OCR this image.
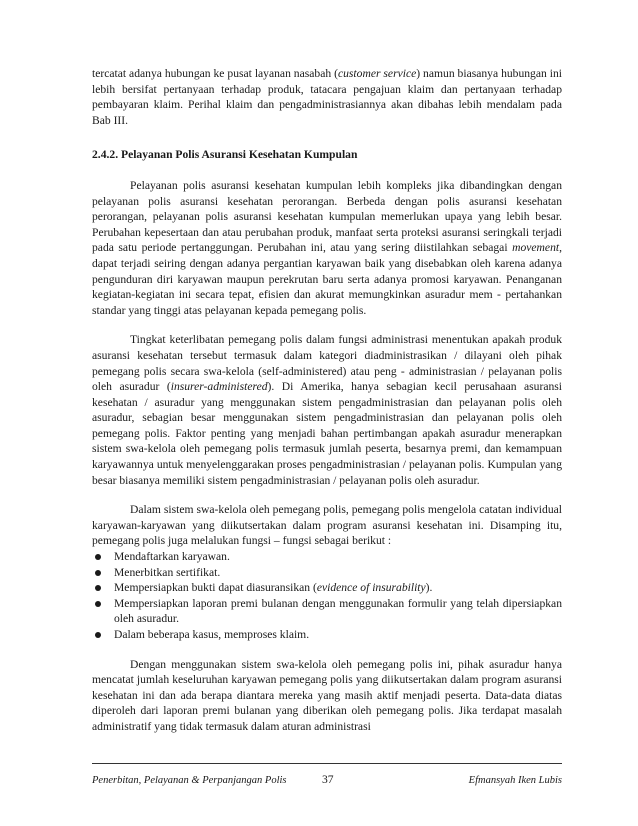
tercatat adanya hubungan ke pusat layanan nasabah (customer service) namun biasanya hubungan ini lebih bersifat pertanyaan terhadap produk, tatacara pengajuan klaim dan pertanyaan terhadap pembayaran klaim. Perihal klaim dan pengadministrasiannya akan dibahas lebih mendalam pada Bab III.

2.4.2. Pelayanan Polis Asuransi Kesehatan Kumpulan

Pelayanan polis asuransi kesehatan kumpulan lebih kompleks jika dibandingkan dengan pelayanan polis asuransi kesehatan perorangan. Berbeda dengan polis asuransi kesehatan perorangan, pelayanan polis asuransi kesehatan kumpulan memerlukan upaya yang lebih besar. Perubahan kepesertaan dan atau perubahan produk, manfaat serta proteksi asuransi seringkali terjadi pada satu periode pertanggungan. Perubahan ini, atau yang sering diistilahkan sebagai movement, dapat terjadi seiring dengan adanya pergantian karyawan baik yang disebabkan oleh karena adanya pengunduran diri karyawan maupun perekrutan baru serta adanya promosi karyawan. Penanganan kegiatan-kegiatan ini secara tepat, efisien dan akurat memungkinkan asuradur mem - pertahankan standar yang tinggi atas pelayanan kepada pemegang polis.

Tingkat keterlibatan pemegang polis dalam fungsi administrasi menentukan apakah produk asuransi kesehatan tersebut termasuk dalam kategori diadministrasikan / dilayani oleh pihak pemegang polis secara swa-kelola (self-administered) atau peng - administrasian / pelayanan polis oleh asuradur (insurer-administered). Di Amerika, hanya sebagian kecil perusahaan asuransi kesehatan / asuradur yang menggunakan sistem pengadministrasian dan pelayanan polis oleh asuradur, sebagian besar menggunakan sistem pengadministrasian dan pelayanan polis oleh pemegang polis. Faktor penting yang menjadi bahan pertimbangan apakah asuradur menerapkan sistem swa-kelola oleh pemegang polis termasuk jumlah peserta, besarnya premi, dan kemampuan karyawannya untuk menyelenggarakan proses pengadministrasian / pelayanan polis. Kumpulan yang besar biasanya memiliki sistem pengadministrasian / pelayanan polis oleh asuradur.

Dalam sistem swa-kelola oleh pemegang polis, pemegang polis mengelola catatan individual karyawan-karyawan yang diikutsertakan dalam program asuransi kesehatan ini. Disamping itu, pemegang polis juga melalukan fungsi – fungsi sebagai berikut :

Mendaftarkan karyawan.
Menerbitkan sertifikat.
Mempersiapkan bukti dapat diasuransikan (evidence of insurability).
Mempersiapkan laporan premi bulanan dengan menggunakan formulir yang telah dipersiapkan oleh asuradur.
Dalam beberapa kasus, memproses klaim.

Dengan menggunakan sistem swa-kelola oleh pemegang polis ini, pihak asuradur hanya mencatat jumlah keseluruhan karyawan pemegang polis yang diikutsertakan dalam program asuransi kesehatan ini dan ada berapa diantara mereka yang masih aktif menjadi peserta. Data-data diatas diperoleh dari laporan premi bulanan yang diberikan oleh pemegang polis. Jika terdapat masalah administratif yang tidak termasuk dalam aturan administrasi

Penerbitan, Pelayanan & Perpanjangan Polis	37	Efmansyah Iken Lubis
